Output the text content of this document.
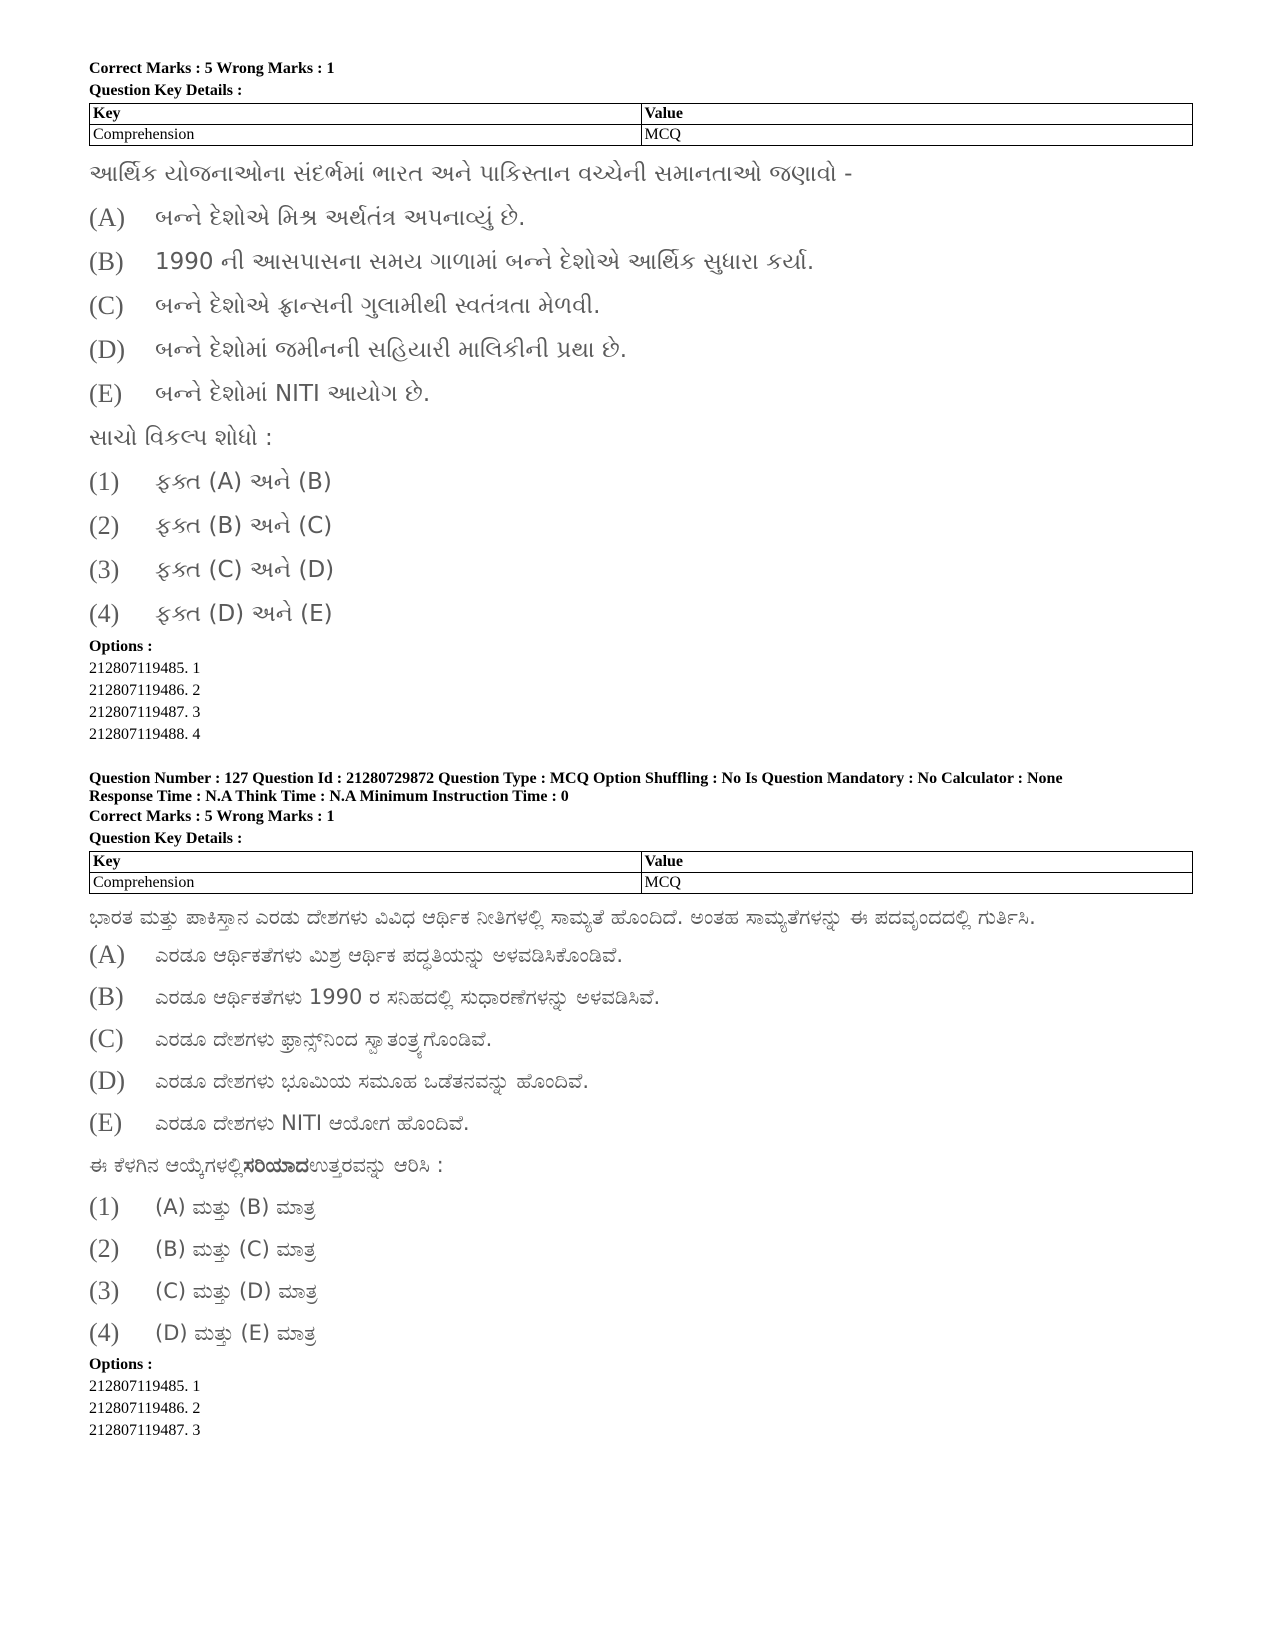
Correct Marks : 5 Wrong Marks : 1
Question Key Details :
Key	Value
Comprehension	MCQ
આર્થિક યોજનાઓના સંદર્ભમાં ભારત અને પાકિસ્તાન વચ્ચેની સમાનતાઓ જણાવો -
(A)	બન્ને દેશોએ મિશ્ર અર્થતંત્ર અપનાવ્યું છે.
(B)	1990 ની આસપાસના સમય ગાળામાં બન્ને દેશોએ આર્થિક સુધારા કર્યા.
(C)	બન્ને દેશોએ ફ્રાન્સની ગુલામીથી સ્વતંત્રતા મેળવી.
(D)	બન્ને દેશોમાં જમીનની સહિયારી માલિકીની પ્રથા છે.
(E)	બન્ને દેશોમાં NITI આયોગ છે.
સાચો વિકલ્પ શોધો :
(1)	ફક્ત (A) અને (B)
(2)	ફક્ત (B) અને (C)
(3)	ફક્ત (C) અને (D)
(4)	ફક્ત (D) અને (E)
Options :
212807119485. 1
212807119486. 2
212807119487. 3
212807119488. 4
Question Number : 127 Question Id : 21280729872 Question Type : MCQ Option Shuffling : No Is Question Mandatory : No Calculator : None
Response Time : N.A Think Time : N.A Minimum Instruction Time : 0
Correct Marks : 5 Wrong Marks : 1
Question Key Details :
Key	Value
Comprehension	MCQ
ಭಾರತ ಮತ್ತು ಪಾಕಿಸ್ತಾನ ಎರಡು ದೇಶಗಳು ವಿವಿಧ ಆರ್ಥಿಕ ನೀತಿಗಳಲ್ಲಿ ಸಾಮ್ಯತೆ ಹೊಂದಿದೆ. ಅಂತಹ ಸಾಮ್ಯತೆಗಳನ್ನು ಈ ಪದವೃಂದದಲ್ಲಿ ಗುರ್ತಿಸಿ.
(A)	ಎರಡೂ ಆರ್ಥಿಕತೆಗಳು ಮಿಶ್ರ ಆರ್ಥಿಕ ಪದ್ಧತಿಯನ್ನು ಅಳವಡಿಸಿಕೊಂಡಿವೆ.
(B)	ಎರಡೂ ಆರ್ಥಿಕತೆಗಳು 1990 ರ ಸನಿಹದಲ್ಲಿ ಸುಧಾರಣೆಗಳನ್ನು ಅಳವಡಿಸಿವೆ.
(C)	ಎರಡೂ ದೇಶಗಳು ಫ್ರಾನ್ಸ್‌ನಿಂದ ಸ್ವಾತಂತ್ರ್ಯಗೊಂಡಿವೆ.
(D)	ಎರಡೂ ದೇಶಗಳು ಭೂಮಿಯ ಸಮೂಹ ಒಡೆತನವನ್ನು ಹೊಂದಿವೆ.
(E)	ಎರಡೂ ದೇಶಗಳು NITI ಆಯೋಗ ಹೊಂದಿವೆ.
ಈ ಕೆಳಗಿನ ಆಯ್ಕೆಗಳಲ್ಲಿ ಸರಿಯಾದ ಉತ್ತರವನ್ನು ಆರಿಸಿ :
(1)	(A) ಮತ್ತು (B) ಮಾತ್ರ
(2)	(B) ಮತ್ತು (C) ಮಾತ್ರ
(3)	(C) ಮತ್ತು (D) ಮಾತ್ರ
(4)	(D) ಮತ್ತು (E) ಮಾತ್ರ
Options :
212807119485. 1
212807119486. 2
212807119487. 3
